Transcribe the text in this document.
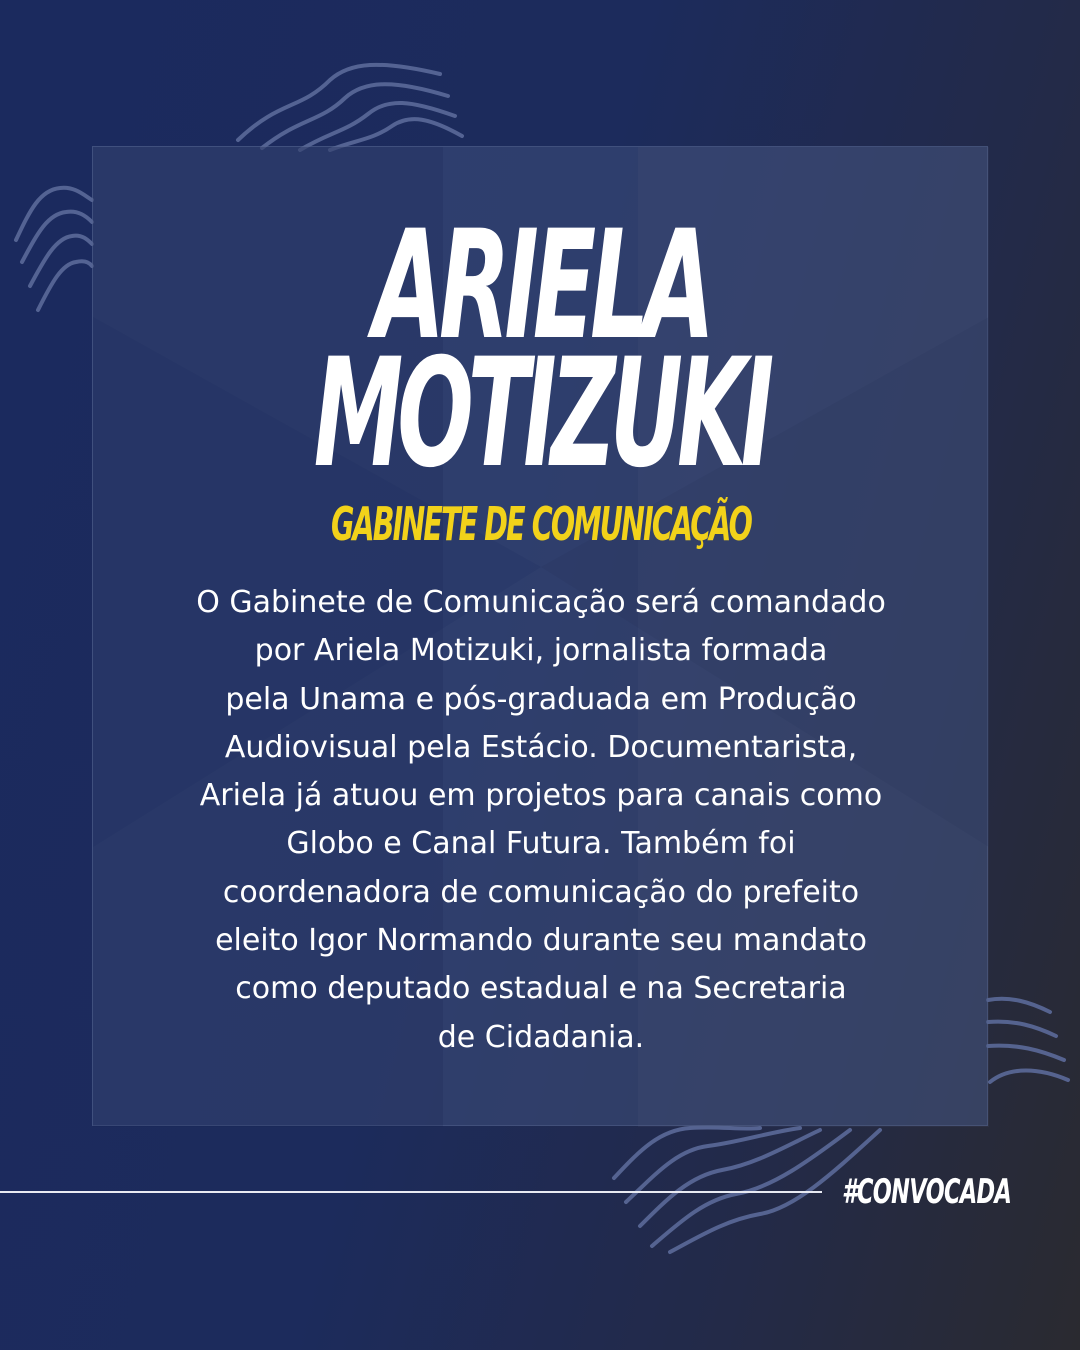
ARIELA
MOTIZUKI
GABINETE DE COMUNICAÇÃO

O Gabinete de Comunicação será comandado
por Ariela Motizuki, jornalista formada
pela Unama e pós-graduada em Produção
Audiovisual pela Estácio. Documentarista,
Ariela já atuou em projetos para canais como
Globo e Canal Futura. Também foi
coordenadora de comunicação do prefeito
eleito Igor Normando durante seu mandato
como deputado estadual e na Secretaria
de Cidadania.

#CONVOCADA
